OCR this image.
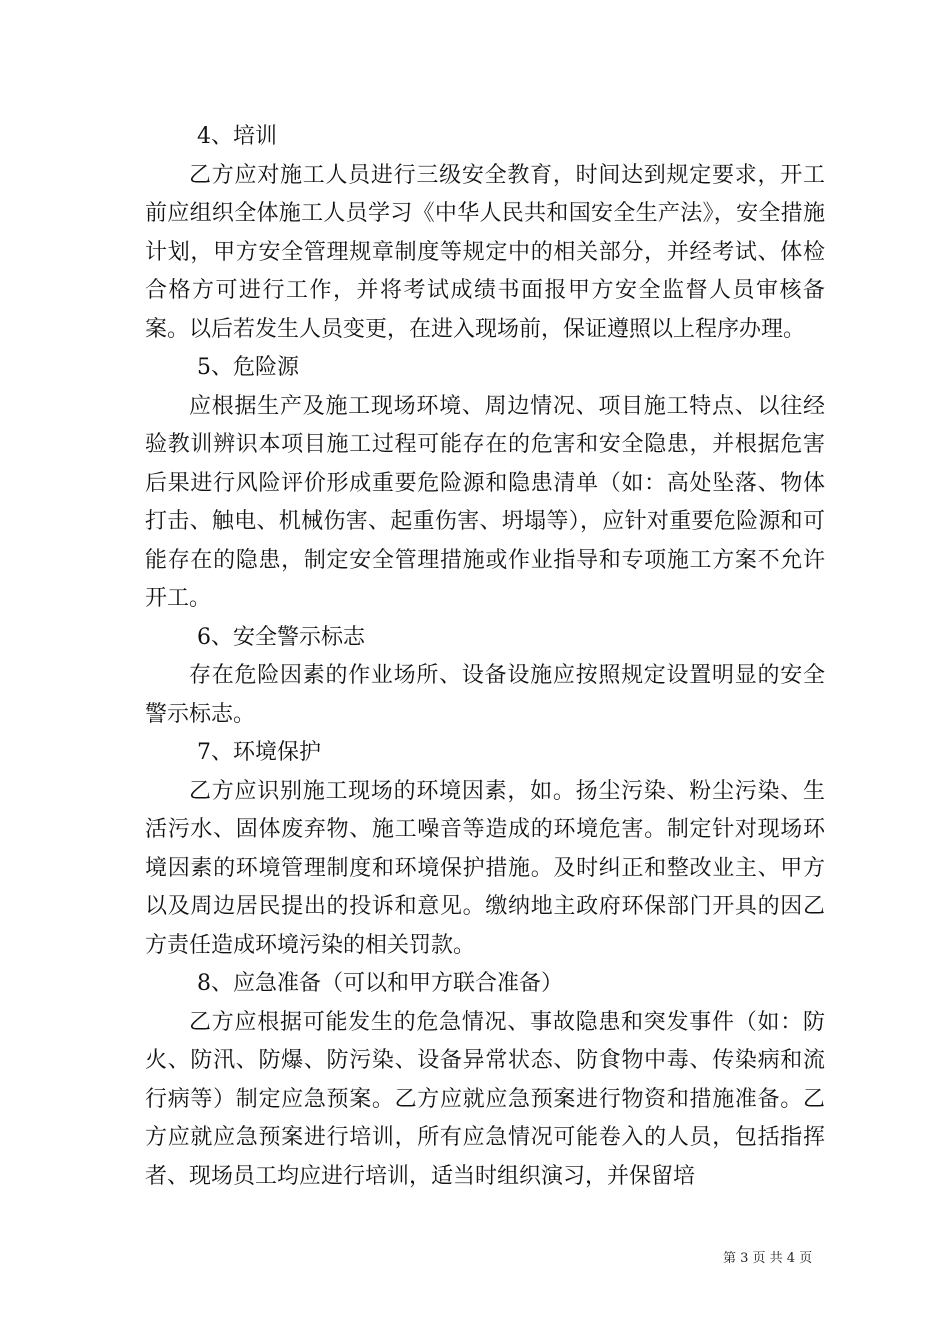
4、培训

乙方应对施工人员进行三级安全教育，时间达到规定要求，开工前应组织全体施工人员学习《中华人民共和国安全生产法》，安全措施计划，甲方安全管理规章制度等规定中的相关部分，并经考试、体检合格方可进行工作，并将考试成绩书面报甲方安全监督人员审核备案。以后若发生人员变更，在进入现场前，保证遵照以上程序办理。

5、危险源

应根据生产及施工现场环境、周边情况、项目施工特点、以往经验教训辨识本项目施工过程可能存在的危害和安全隐患，并根据危害后果进行风险评价形成重要危险源和隐患清单（如：高处坠落、物体打击、触电、机械伤害、起重伤害、坍塌等），应针对重要危险源和可能存在的隐患，制定安全管理措施或作业指导和专项施工方案不允许开工。

6、安全警示标志

存在危险因素的作业场所、设备设施应按照规定设置明显的安全警示标志。

7、环境保护

乙方应识别施工现场的环境因素，如。扬尘污染、粉尘污染、生活污水、固体废弃物、施工噪音等造成的环境危害。制定针对现场环境因素的环境管理制度和环境保护措施。及时纠正和整改业主、甲方以及周边居民提出的投诉和意见。缴纳地主政府环保部门开具的因乙方责任造成环境污染的相关罚款。

8、应急准备（可以和甲方联合准备）

乙方应根据可能发生的危急情况、事故隐患和突发事件（如：防火、防汛、防爆、防污染、设备异常状态、防食物中毒、传染病和流行病等）制定应急预案。乙方应就应急预案进行物资和措施准备。乙方应就应急预案进行培训，所有应急情况可能卷入的人员，包括指挥者、现场员工均应进行培训，适当时组织演习，并保留培

第 3 页 共 4 页
